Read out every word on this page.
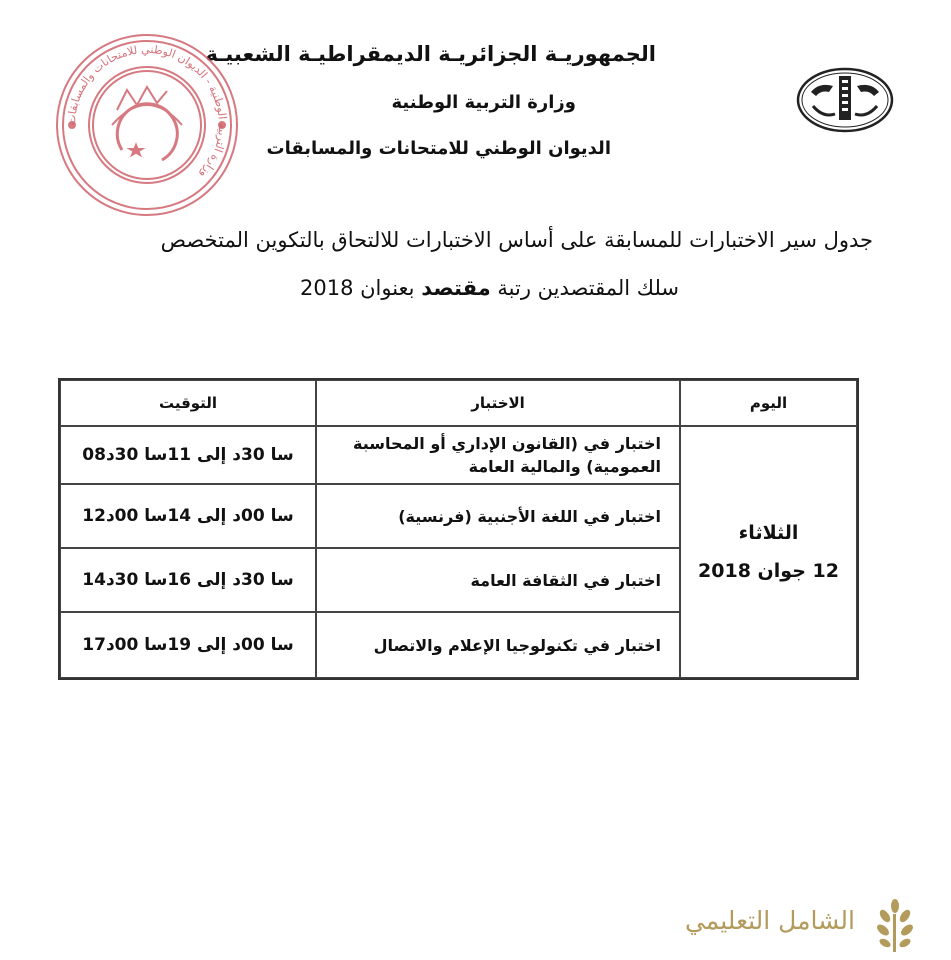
الجمهوريـة الجزائريـة الديمقراطيـة الشعبيـة
وزارة التربية الوطنية
الديوان الوطني للامتحانات والمسابقات
وزارة التربية الوطنية - الديوان الوطني للامتحانات والمسابقات
جدول سير الاختبارات للمسابقة على أساس الاختبارات للالتحاق بالتكوين المتخصص
سلك المقتصدين رتبة مقتصد بعنوان 2018
اليوم
الاختبار
التوقيت
الثلاثاء
12 جوان 2018
اختبار في (القانون الإداري أو المحاسبة العمومية) والمالية العامة
08سا 30د إلى 11سا 30د
اختبار في اللغة الأجنبية (فرنسية)
12سا 00د إلى 14سا 00د
اختبار في الثقافة العامة
14سا 30د إلى 16سا 30د
اختبار في تكنولوجيا الإعلام والاتصال
17سا 00د إلى 19سا 00د
الشامل التعليمي
